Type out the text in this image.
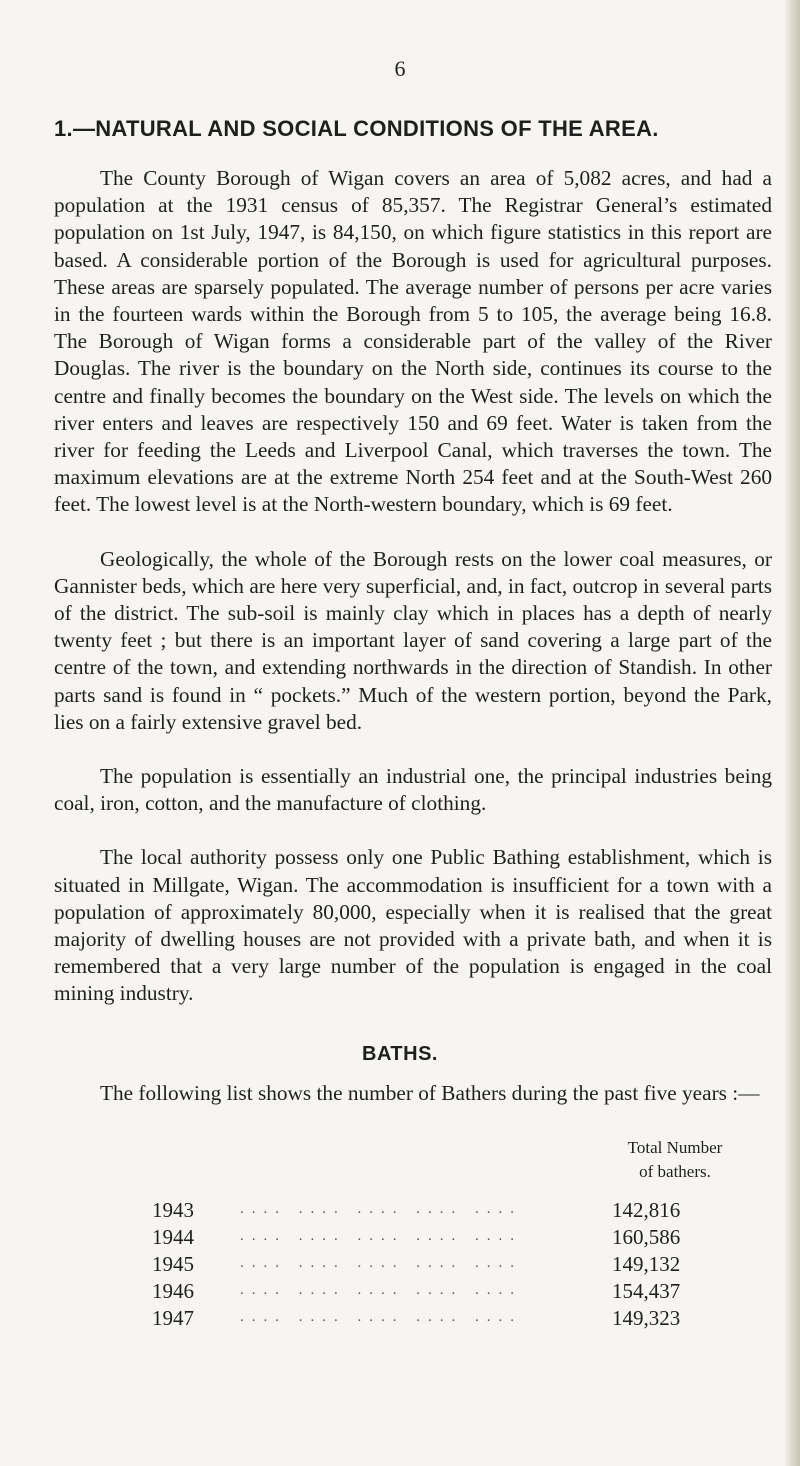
6
1.—NATURAL AND SOCIAL CONDITIONS OF THE AREA.

The County Borough of Wigan covers an area of 5,082 acres, and had a population at the 1931 census of 85,357. The Registrar General’s estimated population on 1st July, 1947, is 84,150, on which figure statistics in this report are based. A considerable portion of the Borough is used for agricultural purposes. These areas are sparsely populated. The average number of persons per acre varies in the fourteen wards within the Borough from 5 to 105, the average being 16.8. The Borough of Wigan forms a considerable part of the valley of the River Douglas. The river is the boundary on the North side, continues its course to the centre and finally becomes the boundary on the West side. The levels on which the river enters and leaves are respectively 150 and 69 feet. Water is taken from the river for feeding the Leeds and Liverpool Canal, which traverses the town. The maximum elevations are at the extreme North 254 feet and at the South-West 260 feet. The lowest level is at the North-western boundary, which is 69 feet.

Geologically, the whole of the Borough rests on the lower coal measures, or Gannister beds, which are here very superficial, and, in fact, outcrop in several parts of the district. The sub-soil is mainly clay which in places has a depth of nearly twenty feet ; but there is an important layer of sand covering a large part of the centre of the town, and extending northwards in the direction of Standish. In other parts sand is found in “ pockets.” Much of the western portion, beyond the Park, lies on a fairly extensive gravel bed.

The population is essentially an industrial one, the principal industries being coal, iron, cotton, and the manufacture of clothing.

The local authority possess only one Public Bathing establishment, which is situated in Millgate, Wigan. The accommodation is insufficient for a town with a population of approximately 80,000, especially when it is realised that the great majority of dwelling houses are not provided with a private bath, and when it is remembered that a very large number of the population is engaged in the coal mining industry.

BATHS.

The following list shows the number of Bathers during the past five years :—

Total Number
of bathers.
1943	.... .... .... .... ....	142,816
1944	.... .... .... .... ....	160,586
1945	.... .... .... .... ....	149,132
1946	.... .... .... .... ....	154,437
1947	.... .... .... .... ....	149,323
